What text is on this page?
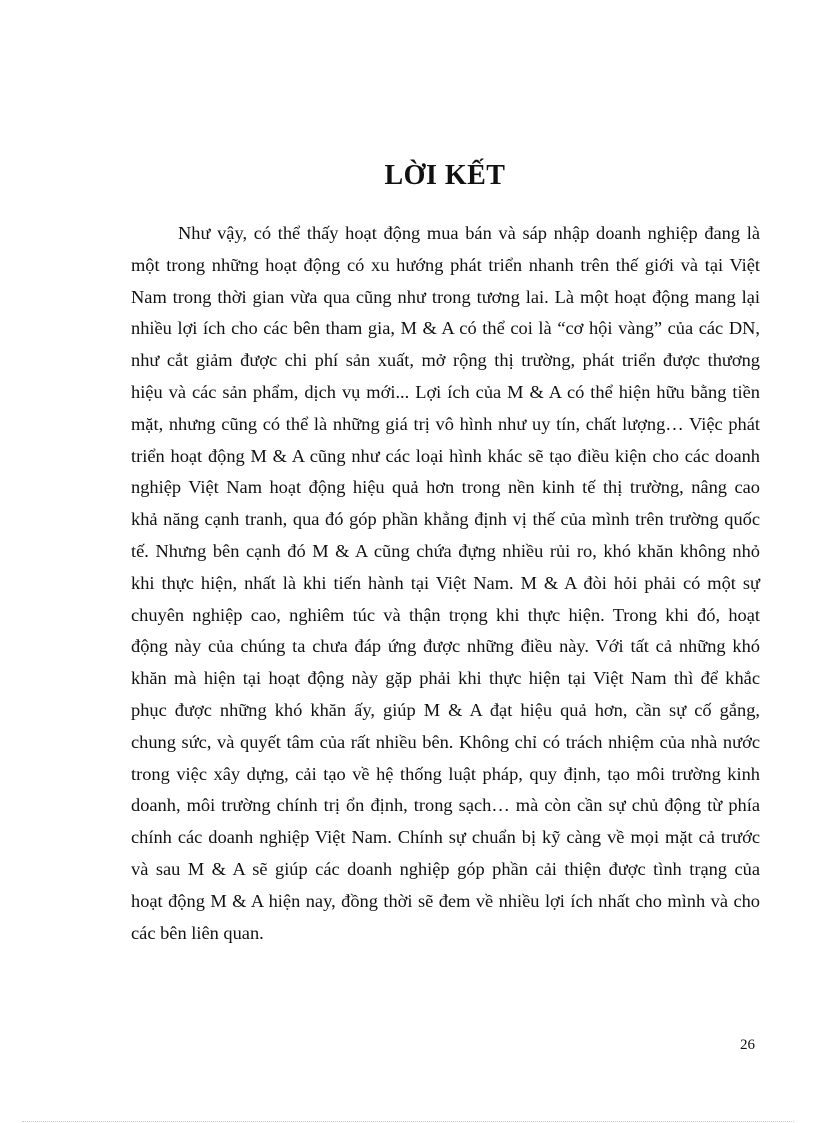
LỜI KẾT
Như vậy, có thể thấy hoạt động mua bán và sáp nhập doanh nghiệp đang là
một trong những hoạt động có xu hướng phát triển nhanh trên thế giới và tại Việt
Nam trong thời gian vừa qua cũng như trong tương lai. Là một hoạt động mang lại
nhiều lợi ích cho các bên tham gia, M & A có thể coi là “cơ hội vàng” của các DN,
như cắt giảm được chi phí sản xuất, mở rộng thị trường, phát triển được thương
hiệu và các sản phẩm, dịch vụ mới... Lợi ích của M & A có thể hiện hữu bằng tiền
mặt, nhưng cũng có thể là những giá trị vô hình như uy tín, chất lượng… Việc phát
triển hoạt động M & A cũng như các loại hình khác sẽ tạo điều kiện cho các doanh
nghiệp Việt Nam hoạt động hiệu quả hơn trong nền kinh tế thị trường, nâng cao
khả năng cạnh tranh, qua đó góp phần khẳng định vị thế của mình trên trường quốc
tế. Nhưng bên cạnh đó M & A cũng chứa đựng nhiều rủi ro, khó khăn không nhỏ
khi thực hiện, nhất là khi tiến hành tại Việt Nam. M & A đòi hỏi phải có một sự
chuyên nghiệp cao, nghiêm túc và thận trọng khi thực hiện. Trong khi đó, hoạt
động này của chúng ta chưa đáp ứng được những điều này. Với tất cả những khó
khăn mà hiện tại hoạt động này gặp phải khi thực hiện tại Việt Nam thì để khắc
phục được những khó khăn ấy, giúp M & A đạt hiệu quả hơn, cần sự cố gắng,
chung sức, và quyết tâm của rất nhiều bên. Không chỉ có trách nhiệm của nhà nước
trong việc xây dựng, cải tạo về hệ thống luật pháp, quy định, tạo môi trường kinh
doanh, môi trường chính trị ổn định, trong sạch… mà còn cần sự chủ động từ phía
chính các doanh nghiệp Việt Nam. Chính sự chuẩn bị kỹ càng về mọi mặt cả trước
và sau M & A sẽ giúp các doanh nghiệp góp phần cải thiện được tình trạng của
hoạt động M & A hiện nay, đồng thời sẽ đem về nhiều lợi ích nhất cho mình và cho
các bên liên quan.

26
